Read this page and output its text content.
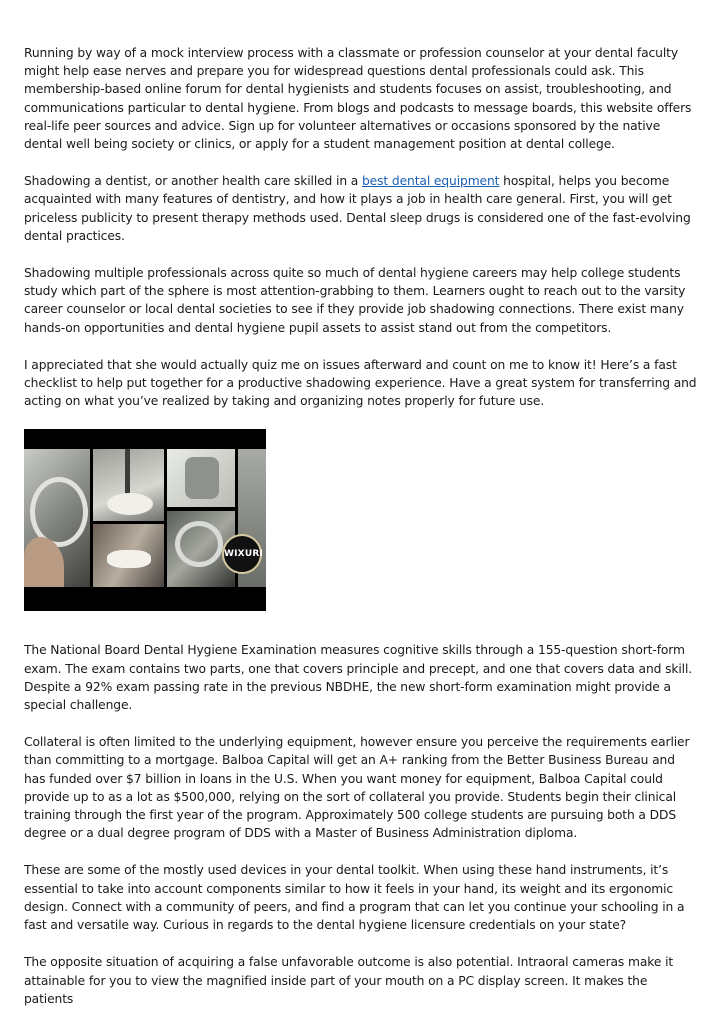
Running by way of a mock interview process with a classmate or profession counselor at your dental faculty might help ease nerves and prepare you for widespread questions dental professionals could ask. This membership-based online forum for dental hygienists and students focuses on assist, troubleshooting, and communications particular to dental hygiene. From blogs and podcasts to message boards, this website offers real-life peer sources and advice. Sign up for volunteer alternatives or occasions sponsored by the native dental well being society or clinics, or apply for a student management position at dental college.

Shadowing a dentist, or another health care skilled in a best dental equipment hospital, helps you become acquainted with many features of dentistry, and how it plays a job in health care general. First, you will get priceless publicity to present therapy methods used. Dental sleep drugs is considered one of the fast-evolving dental practices.

Shadowing multiple professionals across quite so much of dental hygiene careers may help college students study which part of the sphere is most attention-grabbing to them. Learners ought to reach out to the varsity career counselor or local dental societies to see if they provide job shadowing connections. There exist many hands-on opportunities and dental hygiene pupil assets to assist stand out from the competitors.

I appreciated that she would actually quiz me on issues afterward and count on me to know it! Here’s a fast checklist to help put together for a productive shadowing experience. Have a great system for transferring and acting on what you’ve realized by taking and organizing notes properly for future use.

WIXURI

The National Board Dental Hygiene Examination measures cognitive skills through a 155-question short-form exam. The exam contains two parts, one that covers principle and precept, and one that covers data and skill. Despite a 92% exam passing rate in the previous NBDHE, the new short-form examination might provide a special challenge.

Collateral is often limited to the underlying equipment, however ensure you perceive the requirements earlier than committing to a mortgage. Balboa Capital will get an A+ ranking from the Better Business Bureau and has funded over $7 billion in loans in the U.S. When you want money for equipment, Balboa Capital could provide up to as a lot as $500,000, relying on the sort of collateral you provide. Students begin their clinical training through the first year of the program. Approximately 500 college students are pursuing both a DDS degree or a dual degree program of DDS with a Master of Business Administration diploma.

These are some of the mostly used devices in your dental toolkit. When using these hand instruments, it’s essential to take into account components similar to how it feels in your hand, its weight and its ergonomic design. Connect with a community of peers, and find a program that can let you continue your schooling in a fast and versatile way. Curious in regards to the dental hygiene licensure credentials on your state?

The opposite situation of acquiring a false unfavorable outcome is also potential. Intraoral cameras make it attainable for you to view the magnified inside part of your mouth on a PC display screen. It makes the patients
